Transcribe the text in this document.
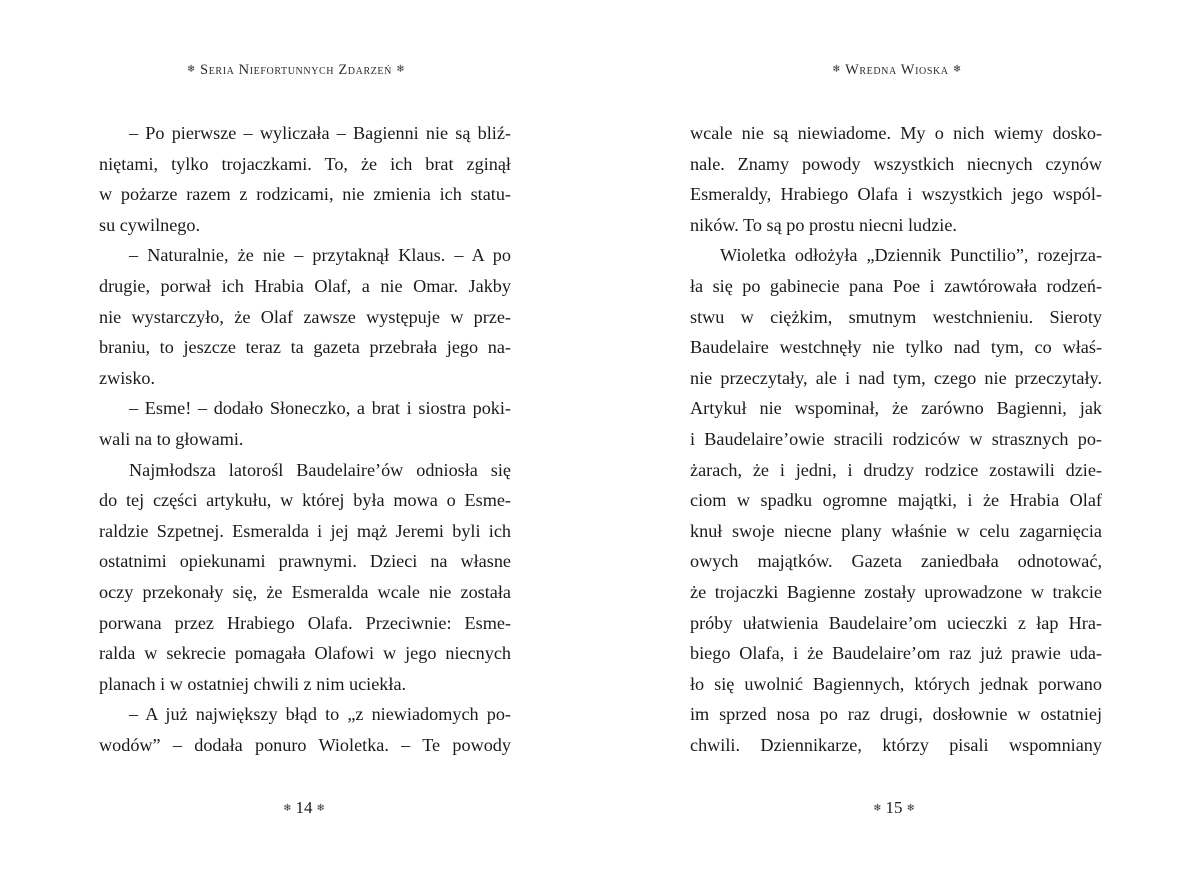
❄ Seria Niefortunnych Zdarzeń ❄
– Po pierwsze – wyliczała – Bagienni nie są bliź-
niętami, tylko trojaczkami. To, że ich brat zginął
w pożarze razem z rodzicami, nie zmienia ich statu-
su cywilnego.
– Naturalnie, że nie – przytaknął Klaus. – A po
drugie, porwał ich Hrabia Olaf, a nie Omar. Jakby
nie wystarczyło, że Olaf zawsze występuje w prze-
braniu, to jeszcze teraz ta gazeta przebrała jego na-
zwisko.
– Esme! – dodało Słoneczko, a brat i siostra poki-
wali na to głowami.
Najmłodsza latorośl Baudelaire’ów odniosła się
do tej części artykułu, w której była mowa o Esme-
raldzie Szpetnej. Esmeralda i jej mąż Jeremi byli ich
ostatnimi opiekunami prawnymi. Dzieci na własne
oczy przekonały się, że Esmeralda wcale nie została
porwana przez Hrabiego Olafa. Przeciwnie: Esme-
ralda w sekrecie pomagała Olafowi w jego niecnych
planach i w ostatniej chwili z nim uciekła.
– A już największy błąd to „z niewiadomych po-
wodów” – dodała ponuro Wioletka. – Te powody
❄ 14 ❄
❄ Wredna Wioska ❄
wcale nie są niewiadome. My o nich wiemy dosko-
nale. Znamy powody wszystkich niecnych czynów
Esmeraldy, Hrabiego Olafa i wszystkich jego wspól-
ników. To są po prostu niecni ludzie.
Wioletka odłożyła „Dziennik Punctilio”, rozejrza-
ła się po gabinecie pana Poe i zawtórowała rodzeń-
stwu w ciężkim, smutnym westchnieniu. Sieroty
Baudelaire westchnęły nie tylko nad tym, co właś-
nie przeczytały, ale i nad tym, czego nie przeczytały.
Artykuł nie wspominał, że zarówno Bagienni, jak
i Baudelaire’owie stracili rodziców w strasznych po-
żarach, że i jedni, i drudzy rodzice zostawili dzie-
ciom w spadku ogromne majątki, i że Hrabia Olaf
knuł swoje niecne plany właśnie w celu zagarnięcia
owych majątków. Gazeta zaniedbała odnotować,
że trojaczki Bagienne zostały uprowadzone w trakcie
próby ułatwienia Baudelaire’om ucieczki z łap Hra-
biego Olafa, i że Baudelaire’om raz już prawie uda-
ło się uwolnić Bagiennych, których jednak porwano
im sprzed nosa po raz drugi, dosłownie w ostatniej
chwili. Dziennikarze, którzy pisali wspomniany
❄ 15 ❄
